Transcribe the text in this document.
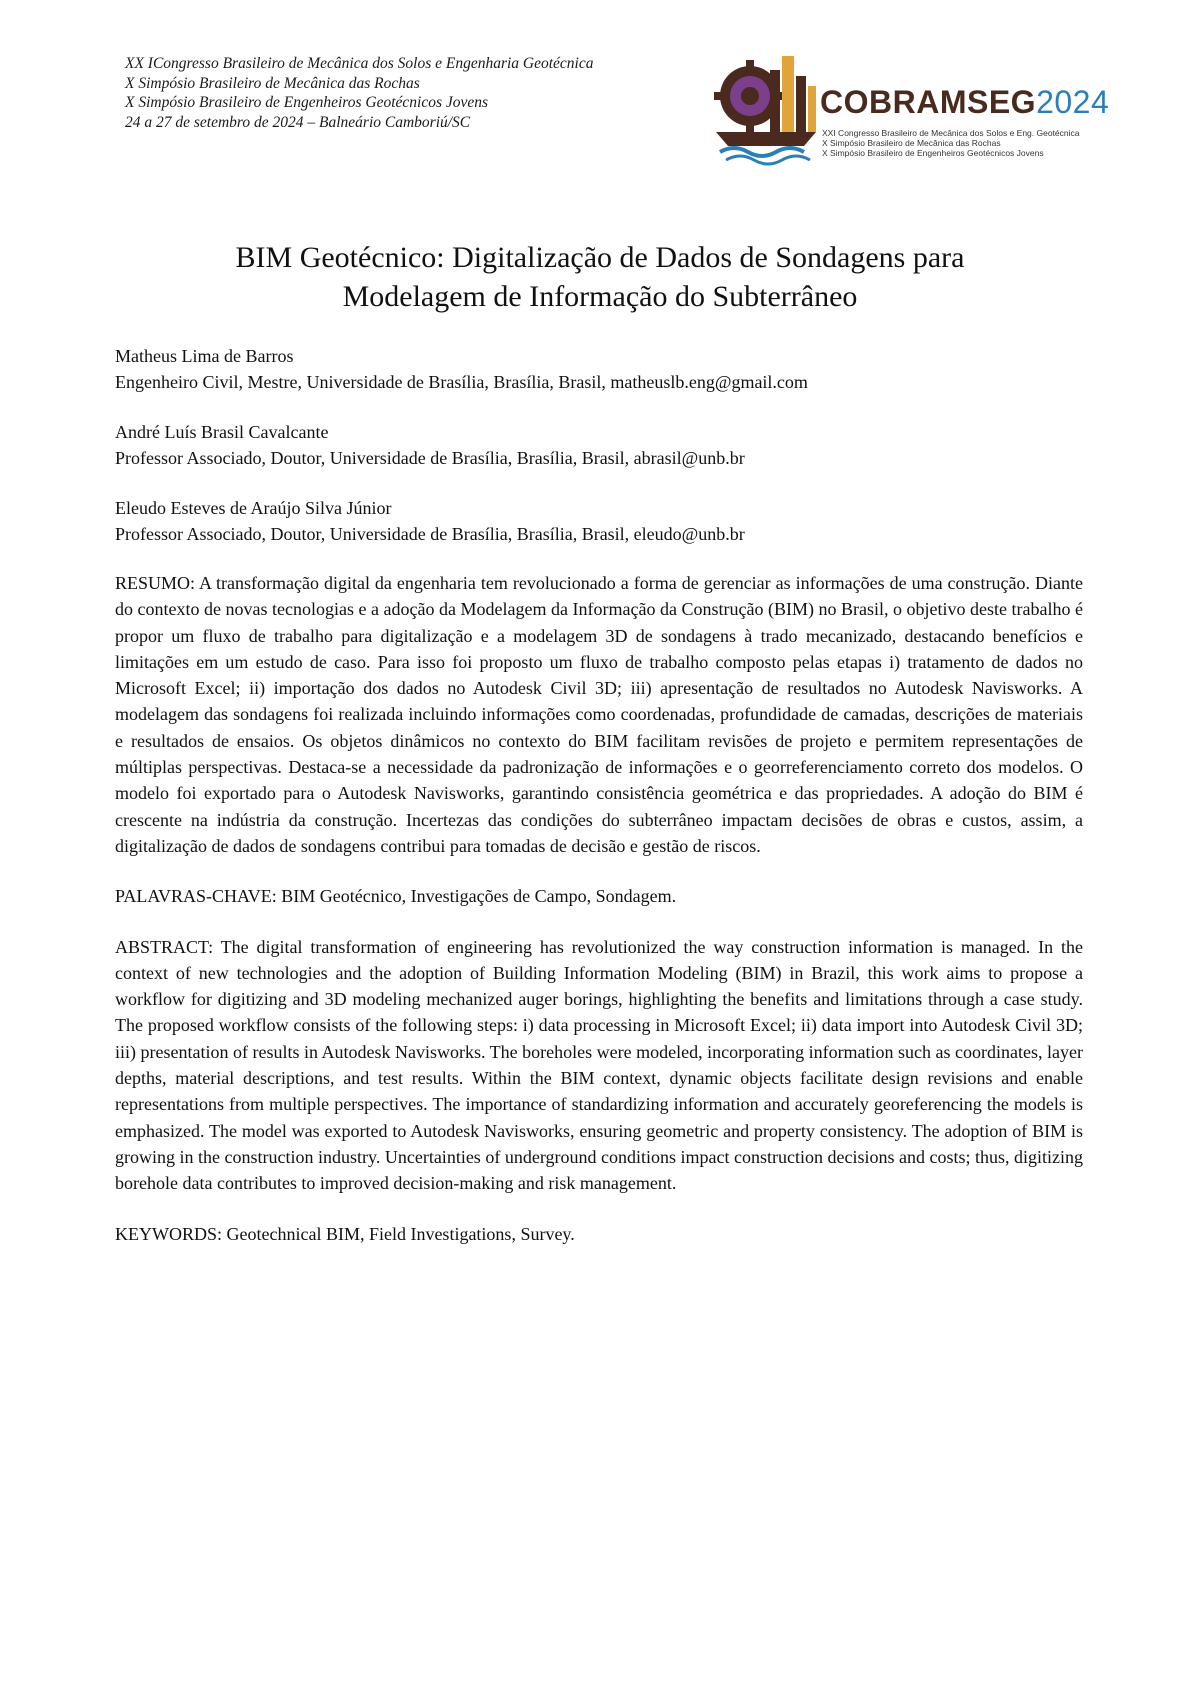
XX ICongresso Brasileiro de Mecânica dos Solos e Engenharia Geotécnica
X Simpósio Brasileiro de Mecânica das Rochas
X Simpósio Brasileiro de Engenheiros Geotécnicos Jovens
24 a 27 de setembro de 2024 – Balneário Camboriú/SC
COBRAMSEG2024
XXI Congresso Brasileiro de Mecânica dos Solos e Eng. Geotécnica
X Simpósio Brasileiro de Mecânica das Rochas
X Simpósio Brasileiro de Engenheiros Geotécnicos Jovens
BIM Geotécnico: Digitalização de Dados de Sondagens para
Modelagem de Informação do Subterrâneo
Matheus Lima de Barros
Engenheiro Civil, Mestre, Universidade de Brasília, Brasília, Brasil, matheuslb.eng@gmail.com
André Luís Brasil Cavalcante
Professor Associado, Doutor, Universidade de Brasília, Brasília, Brasil, abrasil@unb.br
Eleudo Esteves de Araújo Silva Júnior
Professor Associado, Doutor, Universidade de Brasília, Brasília, Brasil, eleudo@unb.br

RESUMO: A transformação digital da engenharia tem revolucionado a forma de gerenciar as informações de uma construção. Diante do contexto de novas tecnologias e a adoção da Modelagem da Informação da Construção (BIM) no Brasil, o objetivo deste trabalho é propor um fluxo de trabalho para digitalização e a modelagem 3D de sondagens à trado mecanizado, destacando benefícios e limitações em um estudo de caso. Para isso foi proposto um fluxo de trabalho composto pelas etapas i) tratamento de dados no Microsoft Excel; ii) importação dos dados no Autodesk Civil 3D; iii) apresentação de resultados no Autodesk Navisworks. A modelagem das sondagens foi realizada incluindo informações como coordenadas, profundidade de camadas, descrições de materiais e resultados de ensaios. Os objetos dinâmicos no contexto do BIM facilitam revisões de projeto e permitem representações de múltiplas perspectivas. Destaca-se a necessidade da padronização de informações e o georreferenciamento correto dos modelos. O modelo foi exportado para o Autodesk Navisworks, garantindo consistência geométrica e das propriedades. A adoção do BIM é crescente na indústria da construção. Incertezas das condições do subterrâneo impactam decisões de obras e custos, assim, a digitalização de dados de sondagens contribui para tomadas de decisão e gestão de riscos.

PALAVRAS-CHAVE: BIM Geotécnico, Investigações de Campo, Sondagem.

ABSTRACT: The digital transformation of engineering has revolutionized the way construction information is managed. In the context of new technologies and the adoption of Building Information Modeling (BIM) in Brazil, this work aims to propose a workflow for digitizing and 3D modeling mechanized auger borings, highlighting the benefits and limitations through a case study. The proposed workflow consists of the following steps: i) data processing in Microsoft Excel; ii) data import into Autodesk Civil 3D; iii) presentation of results in Autodesk Navisworks. The boreholes were modeled, incorporating information such as coordinates, layer depths, material descriptions, and test results. Within the BIM context, dynamic objects facilitate design revisions and enable representations from multiple perspectives. The importance of standardizing information and accurately georeferencing the models is emphasized. The model was exported to Autodesk Navisworks, ensuring geometric and property consistency. The adoption of BIM is growing in the construction industry. Uncertainties of underground conditions impact construction decisions and costs; thus, digitizing borehole data contributes to improved decision-making and risk management.

KEYWORDS: Geotechnical BIM, Field Investigations, Survey.
